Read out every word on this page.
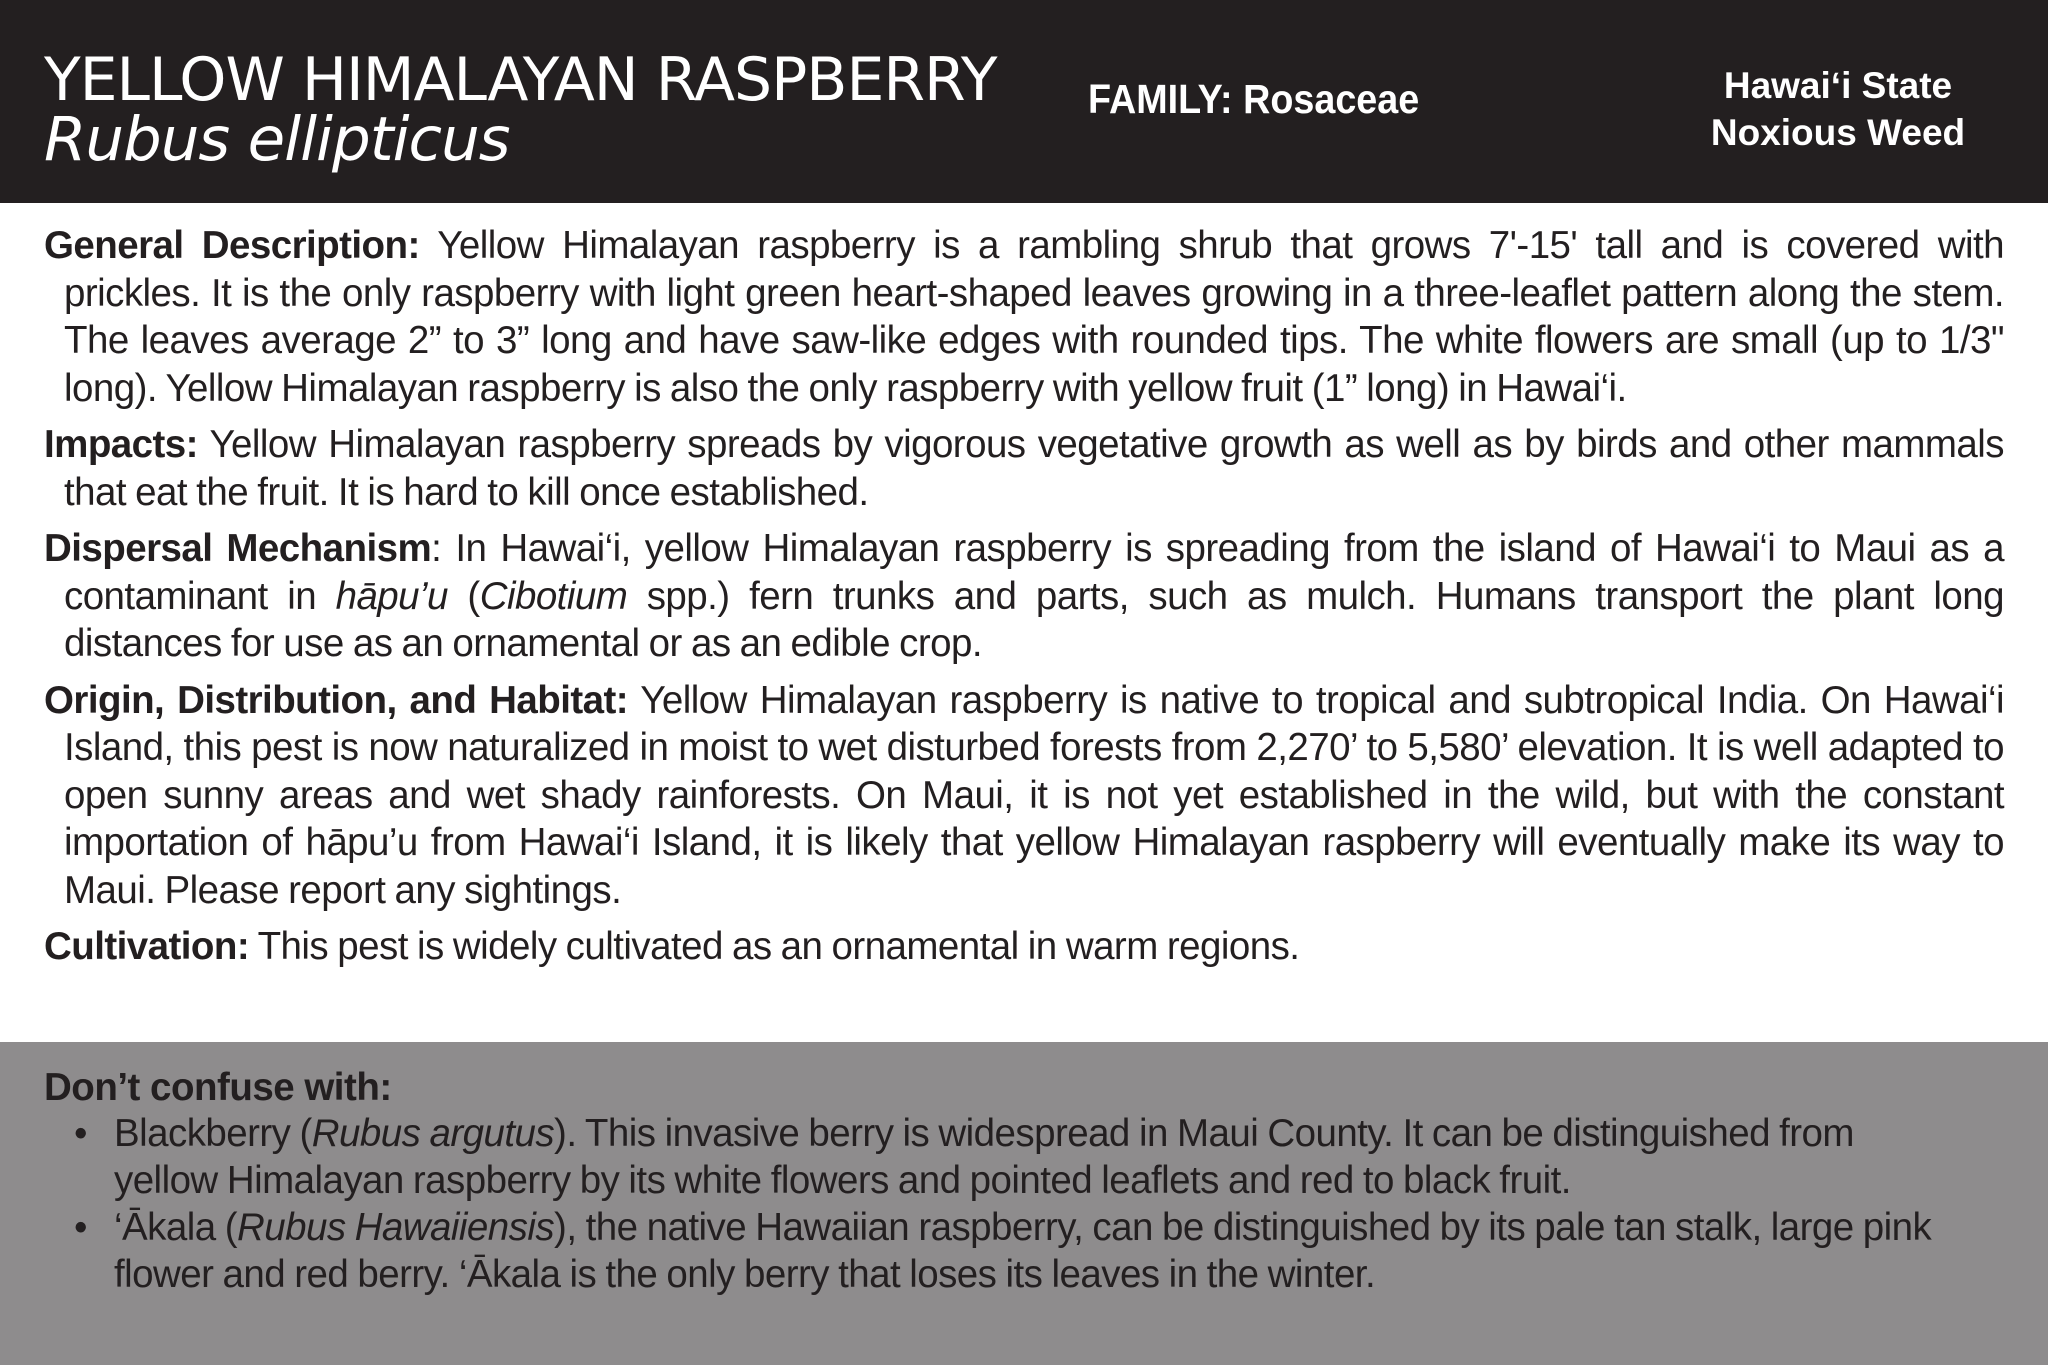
YELLOW HIMALAYAN RASPBERRY
Rubus ellipticus
FAMILY: Rosaceae	Hawai‘i State
Noxious Weed

General Description: Yellow Himalayan raspberry is a rambling shrub that grows 7'-15' tall and is covered with prickles. It is the only raspberry with light green heart-shaped leaves growing in a three-leaflet pattern along the stem. The leaves average 2” to 3” long and have saw-like edges with rounded tips. The white flowers are small (up to 1/3" long). Yellow Himalayan raspberry is also the only raspberry with yellow fruit (1” long) in Hawai‘i.

Impacts: Yellow Himalayan raspberry spreads by vigorous vegetative growth as well as by birds and other mammals that eat the fruit. It is hard to kill once established.

Dispersal Mechanism: In Hawai‘i, yellow Himalayan raspberry is spreading from the island of Hawai‘i to Maui as a contaminant in hāpu’u (Cibotium spp.) fern trunks and parts, such as mulch. Humans transport the plant long distances for use as an ornamental or as an edible crop.

Origin, Distribution, and Habitat: Yellow Himalayan raspberry is native to tropical and subtropical India. On Hawai‘i Island, this pest is now naturalized in moist to wet disturbed forests from 2,270’ to 5,580’ elevation. It is well adapted to open sunny areas and wet shady rainforests. On Maui, it is not yet established in the wild, but with the constant importation of hāpu’u from Hawai‘i Island, it is likely that yellow Himalayan raspberry will eventually make its way to Maui. Please report any sightings.

Cultivation: This pest is widely cultivated as an ornamental in warm regions.

Don’t confuse with:
• Blackberry (Rubus argutus). This invasive berry is widespread in Maui County. It can be distinguished from yellow Himalayan raspberry by its white flowers and pointed leaflets and red to black fruit.
• ‘Ākala (Rubus Hawaiiensis), the native Hawaiian raspberry, can be distinguished by its pale tan stalk, large pink flower and red berry. ‘Ākala is the only berry that loses its leaves in the winter.
